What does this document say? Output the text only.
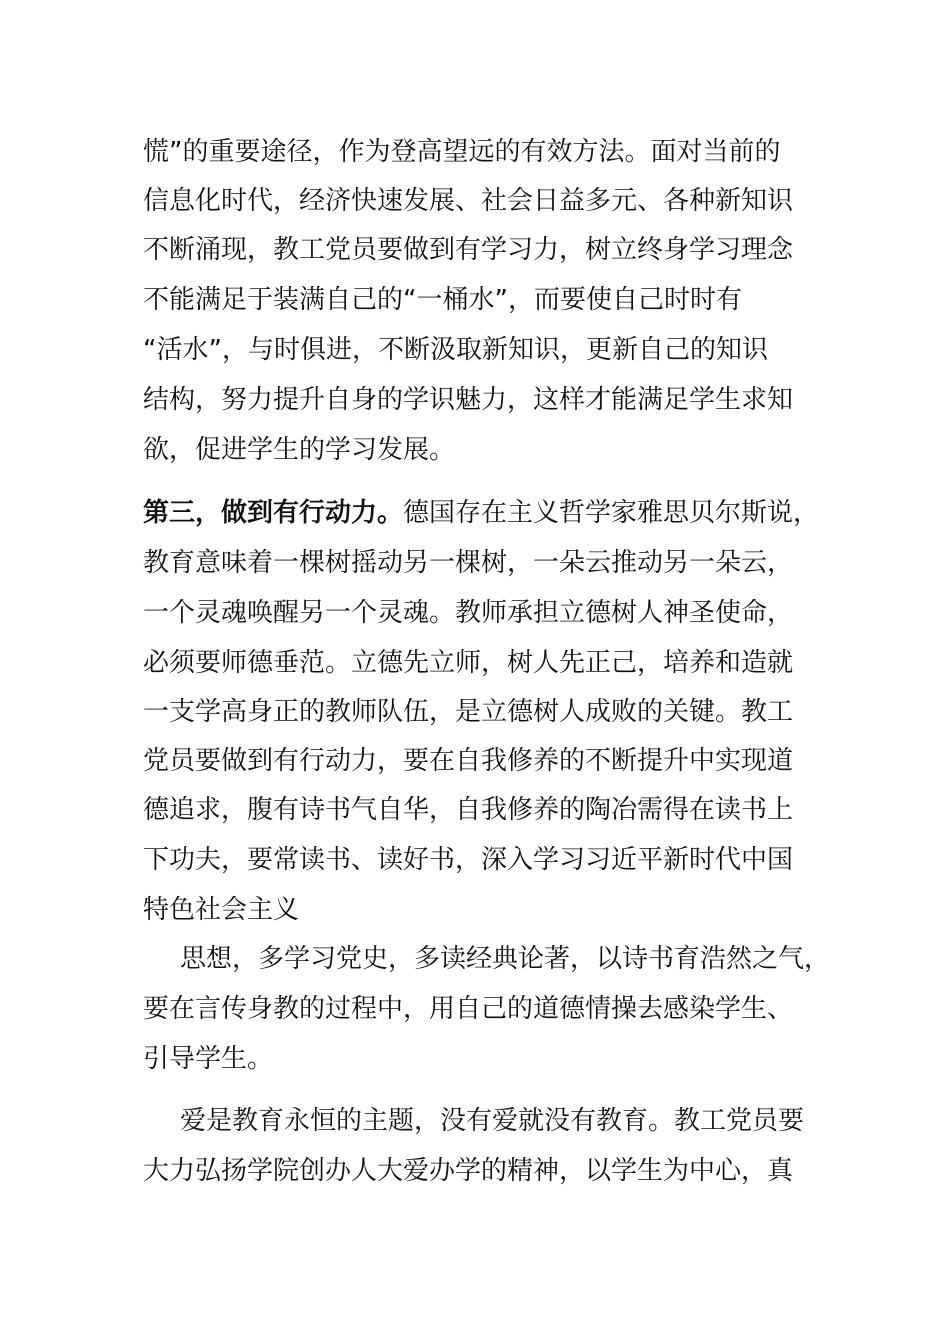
慌”的重要途径，作为登高望远的有效方法。面对当前的
信息化时代，经济快速发展、社会日益多元、各种新知识
不断涌现，教工党员要做到有学习力，树立终身学习理念
不能满足于装满自己的“一桶水”，而要使自己时时有
“活水”，与时俱进，不断汲取新知识，更新自己的知识
结构，努力提升自身的学识魅力，这样才能满足学生求知
欲，促进学生的学习发展。
第三，做到有行动力。德国存在主义哲学家雅思贝尔斯说，
教育意味着一棵树摇动另一棵树，一朵云推动另一朵云，
一个灵魂唤醒另一个灵魂。教师承担立德树人神圣使命，
必须要师德垂范。立德先立师，树人先正己，培养和造就
一支学高身正的教师队伍，是立德树人成败的关键。教工
党员要做到有行动力，要在自我修养的不断提升中实现道
德追求，腹有诗书气自华，自我修养的陶冶需得在读书上
下功夫，要常读书、读好书，深入学习习近平新时代中国
特色社会主义
思想，多学习党史，多读经典论著，以诗书育浩然之气，
要在言传身教的过程中，用自己的道德情操去感染学生、
引导学生。
爱是教育永恒的主题，没有爱就没有教育。教工党员要
大力弘扬学院创办人大爱办学的精神，以学生为中心，真
